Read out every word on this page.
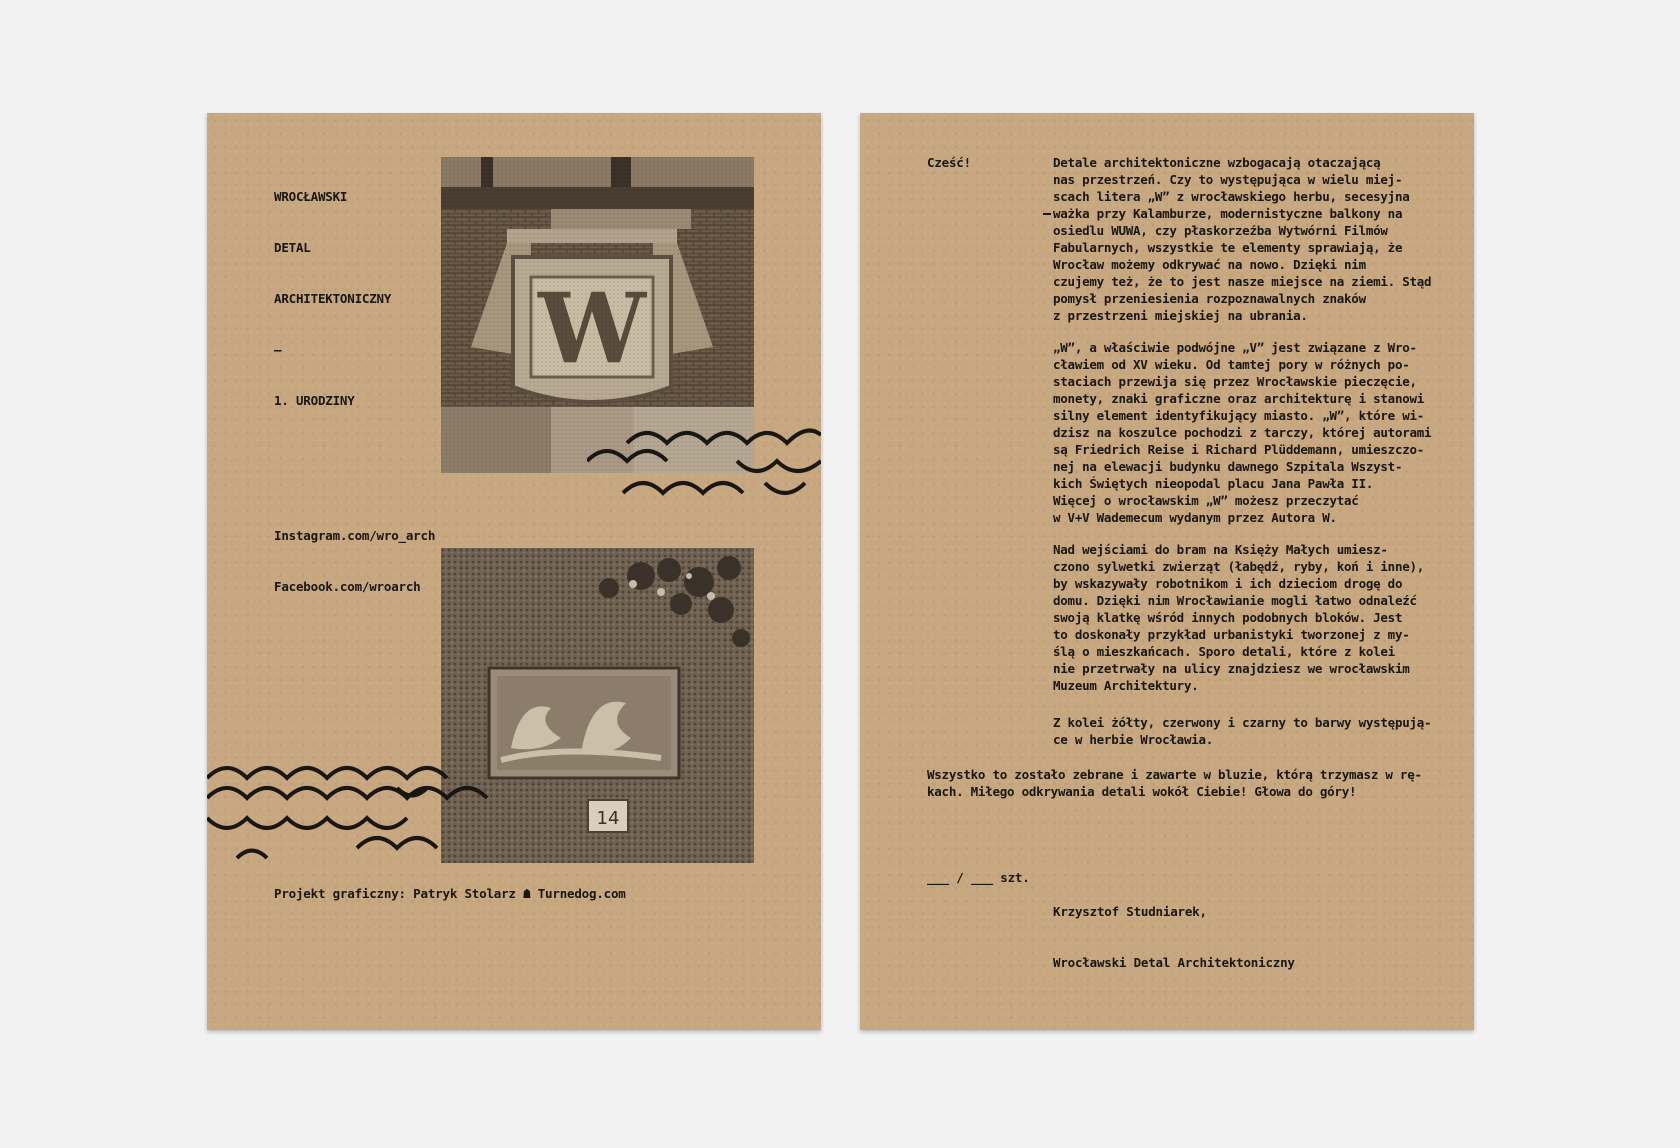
WROCŁAWSKI

DETAL

ARCHITEKTONICZNY

–

1. URODZINY

Instagram.com/wro_arch

Facebook.com/wroarch

14
Projekt graficzny: Patryk Stolarz ☗ Turnedog.com
Cześć!	Detale architektoniczne wzbogacają otaczającą
nas przestrzeń. Czy to występująca w wielu miej-
scach litera „W” z wrocławskiego herbu, secesyjna
ważka przy Kalamburze, modernistyczne balkony na
osiedlu WUWA, czy płaskorzeźba Wytwórni Filmów
Fabularnych, wszystkie te elementy sprawiają, że
Wrocław możemy odkrywać na nowo. Dzięki nim
czujemy też, że to jest nasze miejsce na ziemi. Stąd
pomysł przeniesienia rozpoznawalnych znaków
z przestrzeni miejskiej na ubrania.
„W”, a właściwie podwójne „V” jest związane z Wro-
cławiem od XV wieku. Od tamtej pory w różnych po-
staciach przewija się przez Wrocławskie pieczęcie,
monety, znaki graficzne oraz architekturę i stanowi
silny element identyfikujący miasto. „W”, które wi-
dzisz na koszulce pochodzi z tarczy, której autorami
są Friedrich Reise i Richard Plüddemann, umieszczo-
nej na elewacji budynku dawnego Szpitala Wszyst-
kich Świętych nieopodal placu Jana Pawła II.
Więcej o wrocławskim „W” możesz przeczytać
w V+V Wademecum wydanym przez Autora W.
Nad wejściami do bram na Księży Małych umiesz-
czono sylwetki zwierząt (łabędź, ryby, koń i inne),
by wskazywały robotnikom i ich dzieciom drogę do
domu. Dzięki nim Wrocławianie mogli łatwo odnaleźć
swoją klatkę wśród innych podobnych bloków. Jest
to doskonały przykład urbanistyki tworzonej z my-
ślą o mieszkańcach. Sporo detali, które z kolei
nie przetrwały na ulicy znajdziesz we wrocławskim
Muzeum Architektury.
Z kolei żółty, czerwony i czarny to barwy występują-
ce w herbie Wrocławia.
Wszystko to zostało zebrane i zawarte w bluzie, którą trzymasz w rę-
kach. Miłego odkrywania detali wokół Ciebie! Głowa do góry!
___ / ___ szt.

Krzysztof Studniarek,

Wrocławski Detal Architektoniczny
